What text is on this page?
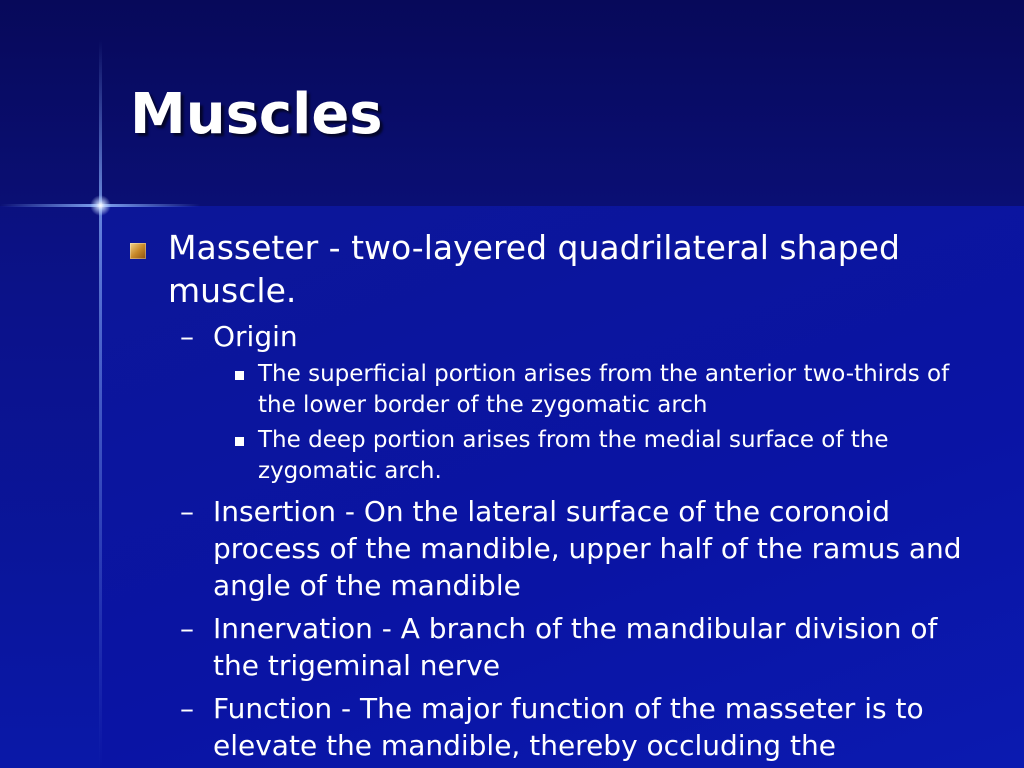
Muscles
Masseter - two-layered quadrilateral shaped muscle.
– Origin
The superficial portion arises from the anterior two-thirds of the lower border of the zygomatic arch
The deep portion arises from the medial surface of the zygomatic arch.
– Insertion - On the lateral surface of the coronoid process of the mandible, upper half of the ramus and angle of the mandible
– Innervation - A branch of the mandibular division of the trigeminal nerve
– Function - The major function of the masseter is to elevate the mandible, thereby occluding the
